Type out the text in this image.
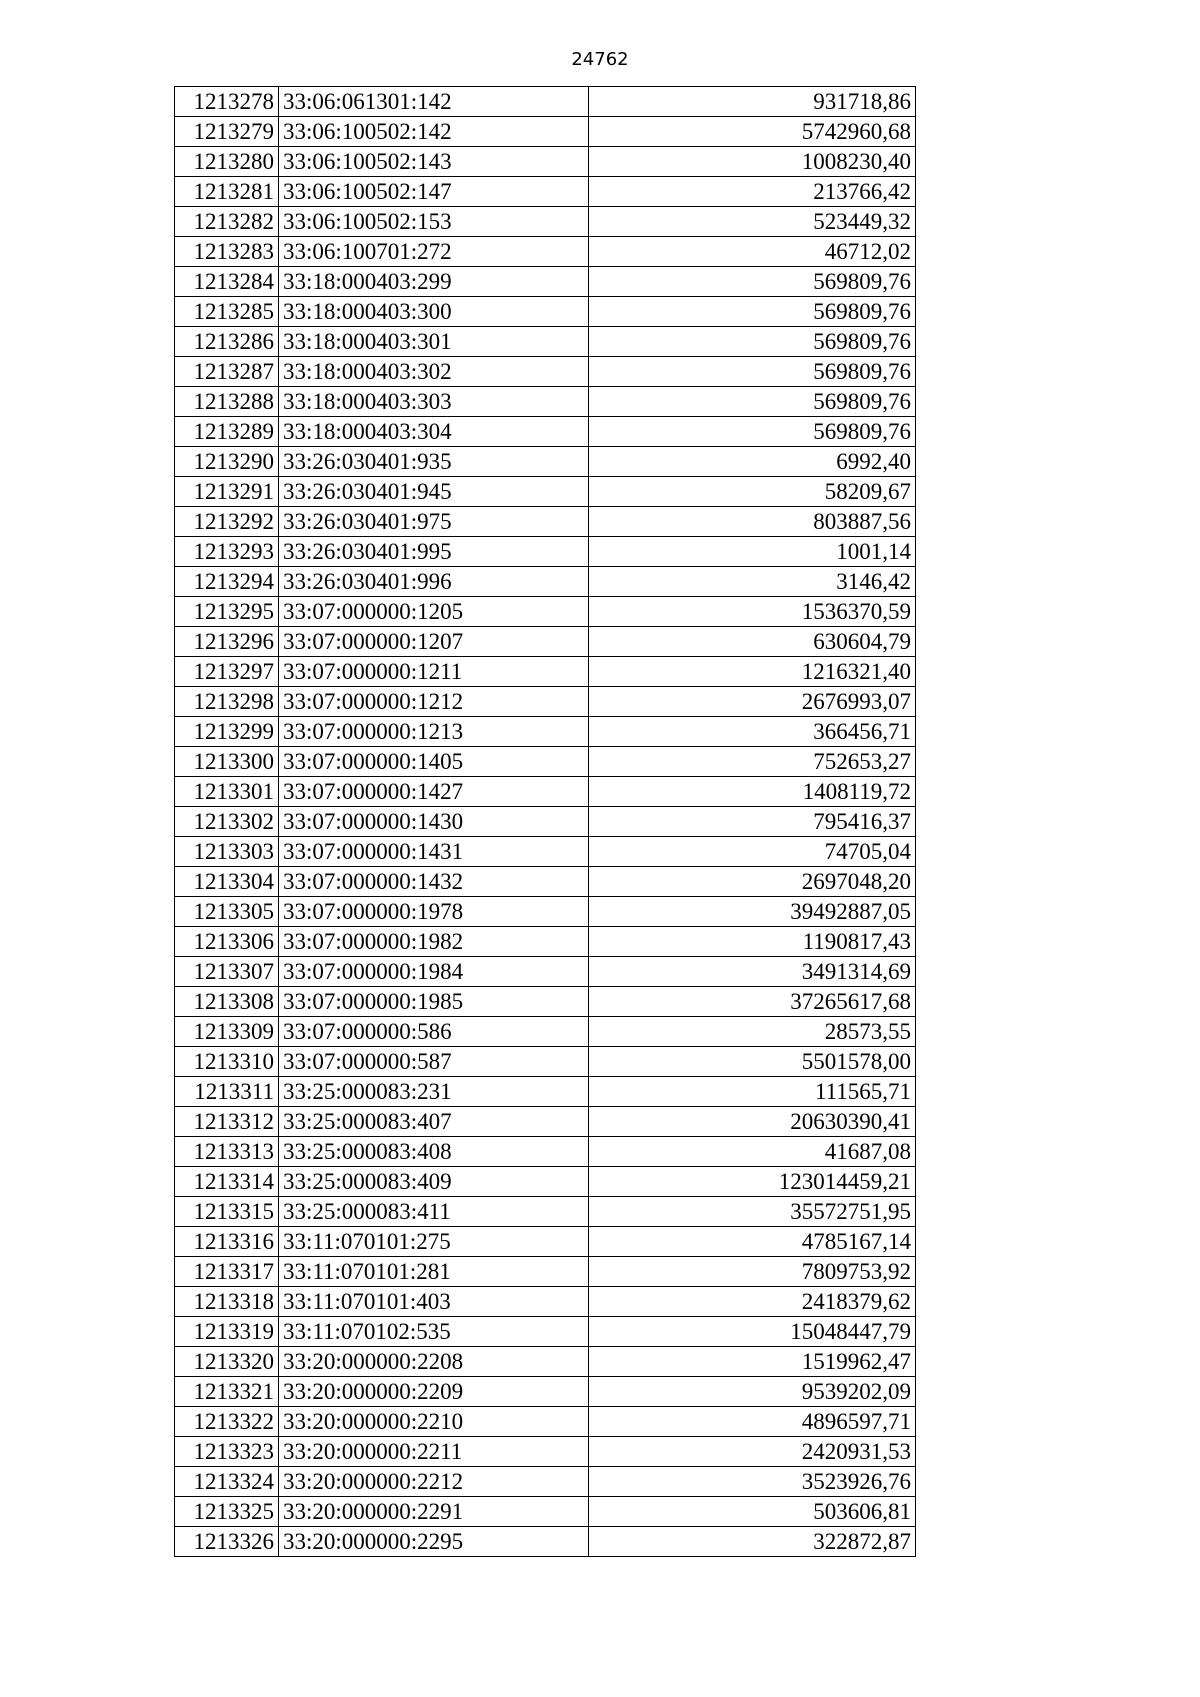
24762
1213278	33:06:061301:142	931718,86
1213279	33:06:100502:142	5742960,68
1213280	33:06:100502:143	1008230,40
1213281	33:06:100502:147	213766,42
1213282	33:06:100502:153	523449,32
1213283	33:06:100701:272	46712,02
1213284	33:18:000403:299	569809,76
1213285	33:18:000403:300	569809,76
1213286	33:18:000403:301	569809,76
1213287	33:18:000403:302	569809,76
1213288	33:18:000403:303	569809,76
1213289	33:18:000403:304	569809,76
1213290	33:26:030401:935	6992,40
1213291	33:26:030401:945	58209,67
1213292	33:26:030401:975	803887,56
1213293	33:26:030401:995	1001,14
1213294	33:26:030401:996	3146,42
1213295	33:07:000000:1205	1536370,59
1213296	33:07:000000:1207	630604,79
1213297	33:07:000000:1211	1216321,40
1213298	33:07:000000:1212	2676993,07
1213299	33:07:000000:1213	366456,71
1213300	33:07:000000:1405	752653,27
1213301	33:07:000000:1427	1408119,72
1213302	33:07:000000:1430	795416,37
1213303	33:07:000000:1431	74705,04
1213304	33:07:000000:1432	2697048,20
1213305	33:07:000000:1978	39492887,05
1213306	33:07:000000:1982	1190817,43
1213307	33:07:000000:1984	3491314,69
1213308	33:07:000000:1985	37265617,68
1213309	33:07:000000:586	28573,55
1213310	33:07:000000:587	5501578,00
1213311	33:25:000083:231	111565,71
1213312	33:25:000083:407	20630390,41
1213313	33:25:000083:408	41687,08
1213314	33:25:000083:409	123014459,21
1213315	33:25:000083:411	35572751,95
1213316	33:11:070101:275	4785167,14
1213317	33:11:070101:281	7809753,92
1213318	33:11:070101:403	2418379,62
1213319	33:11:070102:535	15048447,79
1213320	33:20:000000:2208	1519962,47
1213321	33:20:000000:2209	9539202,09
1213322	33:20:000000:2210	4896597,71
1213323	33:20:000000:2211	2420931,53
1213324	33:20:000000:2212	3523926,76
1213325	33:20:000000:2291	503606,81
1213326	33:20:000000:2295	322872,87
